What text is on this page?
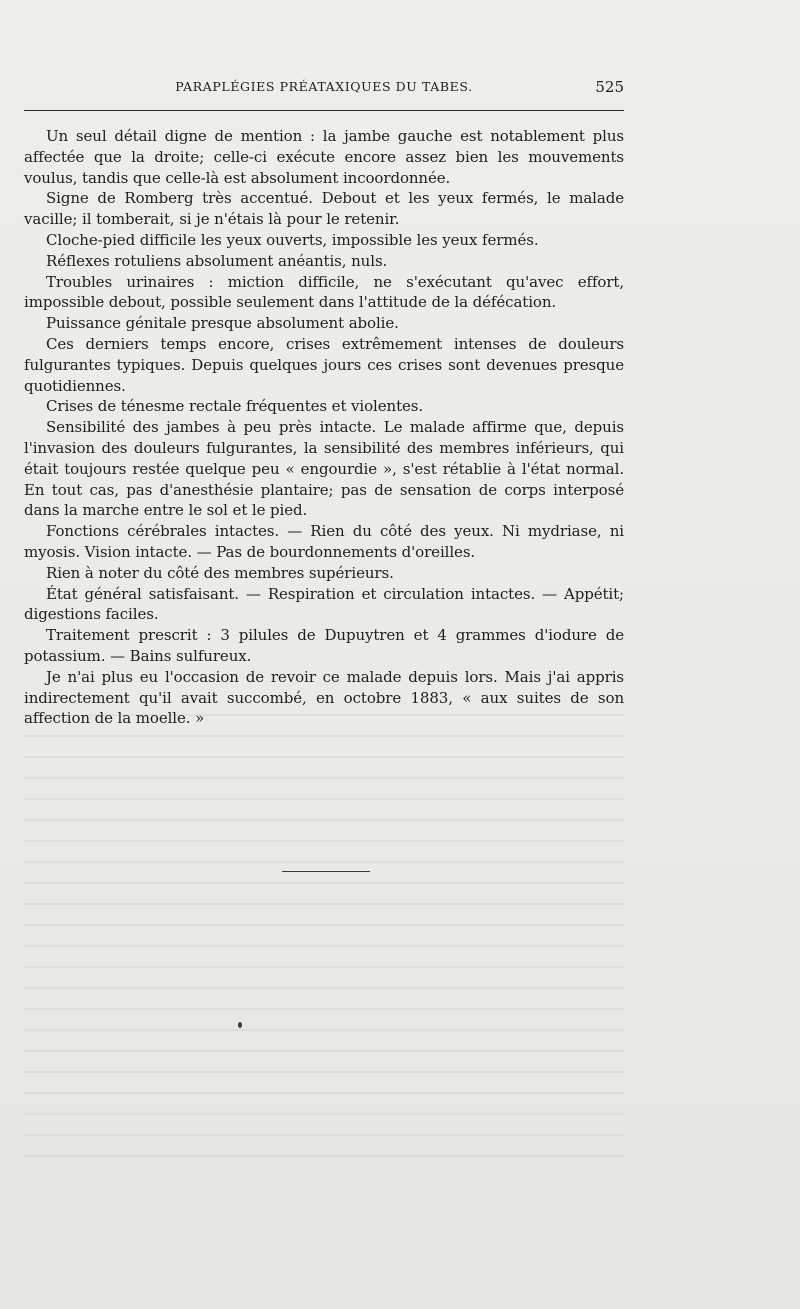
PARAPLÉGIES PRÉATAXIQUES DU TABES.	525

Un seul détail digne de mention : la jambe gauche est notablement plus affectée que la droite; celle-ci exécute encore assez bien les mouvements voulus, tandis que celle-là est absolument incoordonnée.

Signe de Romberg très accentué. Debout et les yeux fermés, le malade vacille; il tomberait, si je n'étais là pour le retenir.

Cloche-pied difficile les yeux ouverts, impossible les yeux fermés.

Réflexes rotuliens absolument anéantis, nuls.

Troubles urinaires : miction difficile, ne s'exécutant qu'avec effort, impossible debout, possible seulement dans l'attitude de la défécation.

Puissance génitale presque absolument abolie.

Ces derniers temps encore, crises extrêmement intenses de douleurs fulgurantes typiques. Depuis quelques jours ces crises sont devenues presque quotidiennes.

Crises de ténesme rectale fréquentes et violentes.

Sensibilité des jambes à peu près intacte. Le malade affirme que, depuis l'invasion des douleurs fulgurantes, la sensibilité des membres inférieurs, qui était toujours restée quelque peu « engourdie », s'est rétablie à l'état normal. En tout cas, pas d'anesthésie plantaire; pas de sensation de corps interposé dans la marche entre le sol et le pied.

Fonctions cérébrales intactes. — Rien du côté des yeux. Ni mydriase, ni myosis. Vision intacte. — Pas de bourdonnements d'oreilles.

Rien à noter du côté des membres supérieurs.

État général satisfaisant. — Respiration et circulation intactes. — Appétit; digestions faciles.

Traitement prescrit : 3 pilules de Dupuytren et 4 grammes d'iodure de potassium. — Bains sulfureux.

Je n'ai plus eu l'occasion de revoir ce malade depuis lors. Mais j'ai appris indirectement qu'il avait succombé, en octobre 1883, « aux suites de son affection de la moelle. »
